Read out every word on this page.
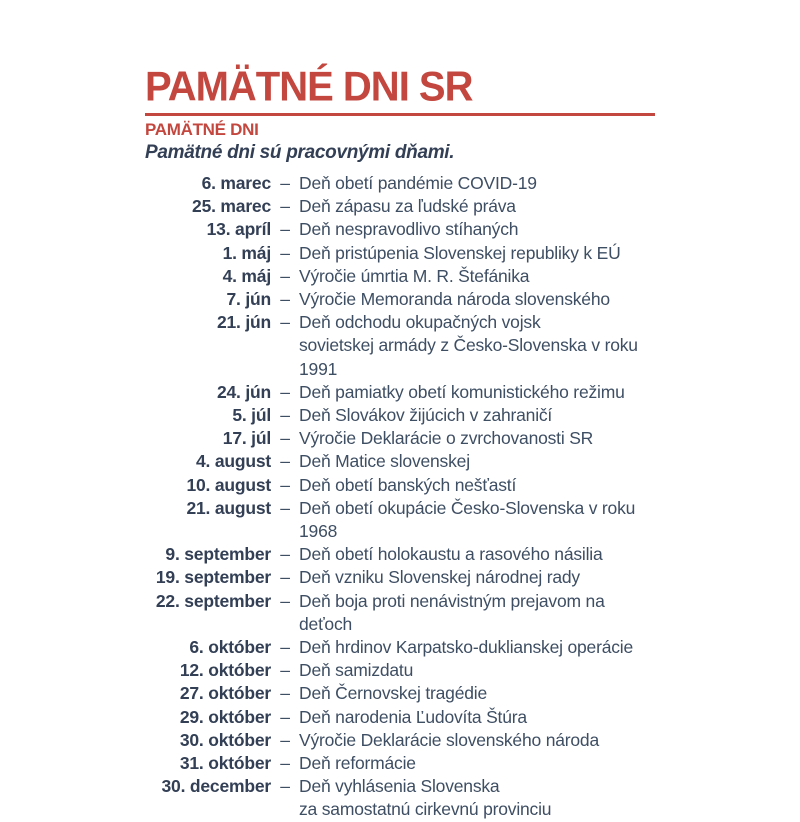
PAMÄTNÉ DNI SR
PAMÄTNÉ DNI

Pamätné dni sú pracovnými dňami.

6. marec – Deň obetí pandémie COVID-19
25. marec – Deň zápasu za ľudské práva
13. apríl – Deň nespravodlivo stíhaných
1. máj – Deň pristúpenia Slovenskej republiky k EÚ
4. máj – Výročie úmrtia M. R. Štefánika
7. jún – Výročie Memoranda národa slovenského
21. jún – Deň odchodu okupačných vojsk
sovietskej armády z Česko-Slovenska v roku 1991
24. jún – Deň pamiatky obetí komunistického režimu
5. júl – Deň Slovákov žijúcich v zahraničí
17. júl – Výročie Deklarácie o zvrchovanosti SR
4. august – Deň Matice slovenskej
10. august – Deň obetí banských nešťastí
21. august – Deň obetí okupácie Česko-Slovenska v roku 1968
9. september – Deň obetí holokaustu a rasového násilia
19. september – Deň vzniku Slovenskej národnej rady
22. september – Deň boja proti nenávistným prejavom na deťoch
6. október – Deň hrdinov Karpatsko-duklianskej operácie
12. október – Deň samizdatu
27. október – Deň Černovskej tragédie
29. október – Deň narodenia Ľudovíta Štúra
30. október – Výročie Deklarácie slovenského národa
31. október – Deň reformácie
30. december – Deň vyhlásenia Slovenska
za samostatnú cirkevnú provinciu
